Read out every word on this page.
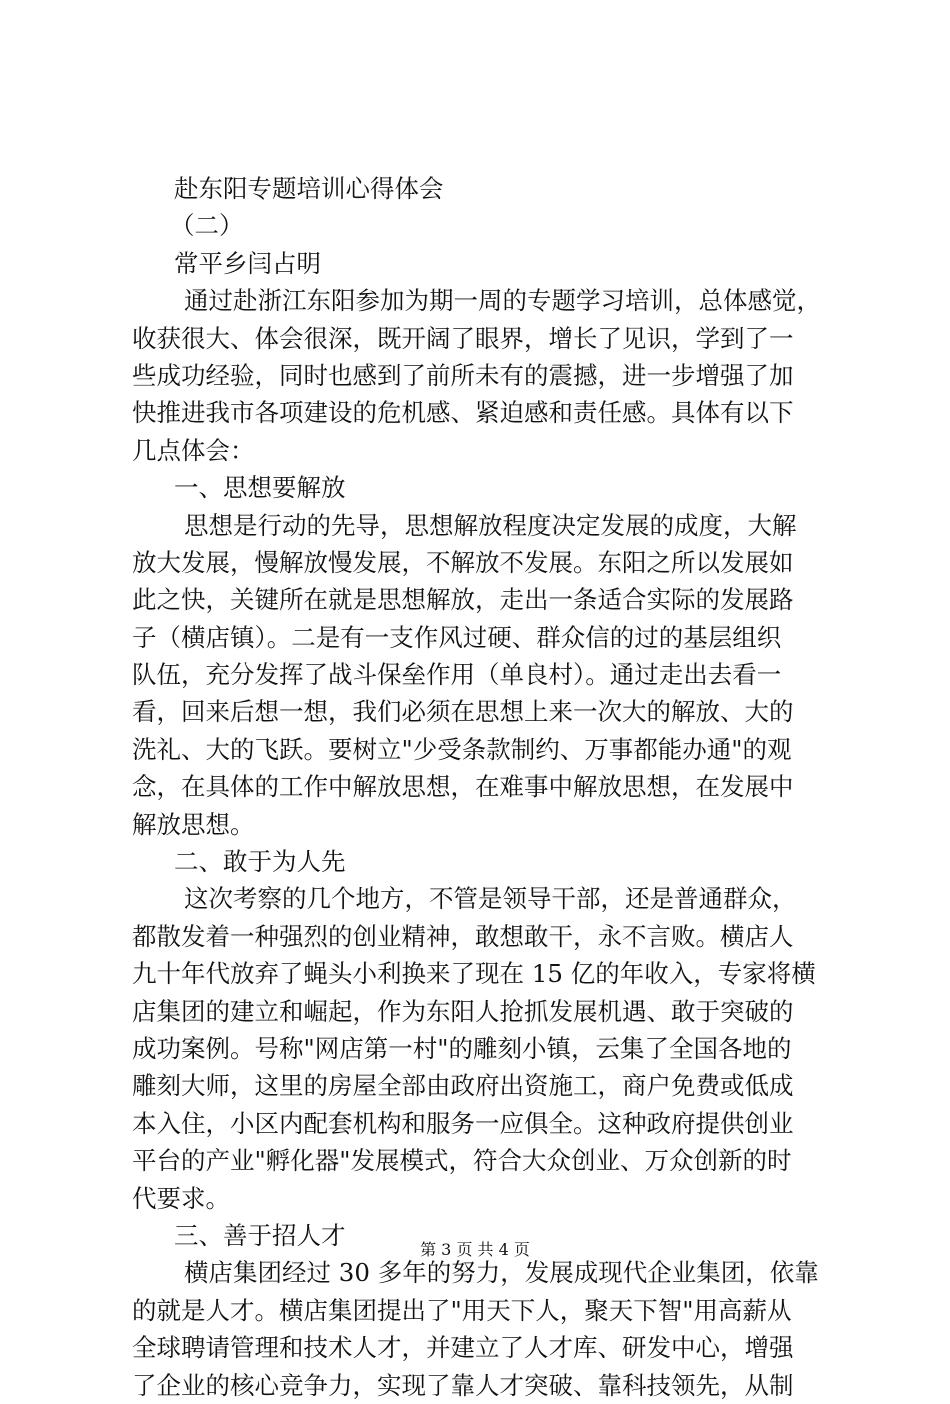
赴东阳专题培训心得体会
（二）
常平乡闫占明
通过赴浙江东阳参加为期一周的专题学习培训，总体感觉，
收获很大、体会很深，既开阔了眼界，增长了见识，学到了一
些成功经验，同时也感到了前所未有的震撼，进一步增强了加
快推进我市各项建设的危机感、紧迫感和责任感。具体有以下
几点体会：
一、思想要解放
思想是行动的先导，思想解放程度决定发展的成度，大解
放大发展，慢解放慢发展，不解放不发展。东阳之所以发展如
此之快，关键所在就是思想解放，走出一条适合实际的发展路
子（横店镇）。二是有一支作风过硬、群众信的过的基层组织
队伍，充分发挥了战斗保垒作用（单良村）。通过走出去看一
看，回来后想一想，我们必须在思想上来一次大的解放、大的
洗礼、大的飞跃。要树立"少受条款制约、万事都能办通"的观
念，在具体的工作中解放思想，在难事中解放思想，在发展中
解放思想。
二、敢于为人先
这次考察的几个地方，不管是领导干部，还是普通群众，
都散发着一种强烈的创业精神，敢想敢干，永不言败。横店人
九十年代放弃了蝇头小利换来了现在 15 亿的年收入，专家将横
店集团的建立和崛起，作为东阳人抢抓发展机遇、敢于突破的
成功案例。号称"网店第一村"的雕刻小镇，云集了全国各地的
雕刻大师，这里的房屋全部由政府出资施工，商户免费或低成
本入住，小区内配套机构和服务一应俱全。这种政府提供创业
平台的产业"孵化器"发展模式，符合大众创业、万众创新的时
代要求。
三、善于招人才
横店集团经过 30 多年的努力，发展成现代企业集团，依靠
的就是人才。横店集团提出了"用天下人，聚天下智"用高薪从
全球聘请管理和技术人才，并建立了人才库、研发中心，增强
了企业的核心竞争力，实现了靠人才突破、靠科技领先，从制
第 3 页 共 4 页
